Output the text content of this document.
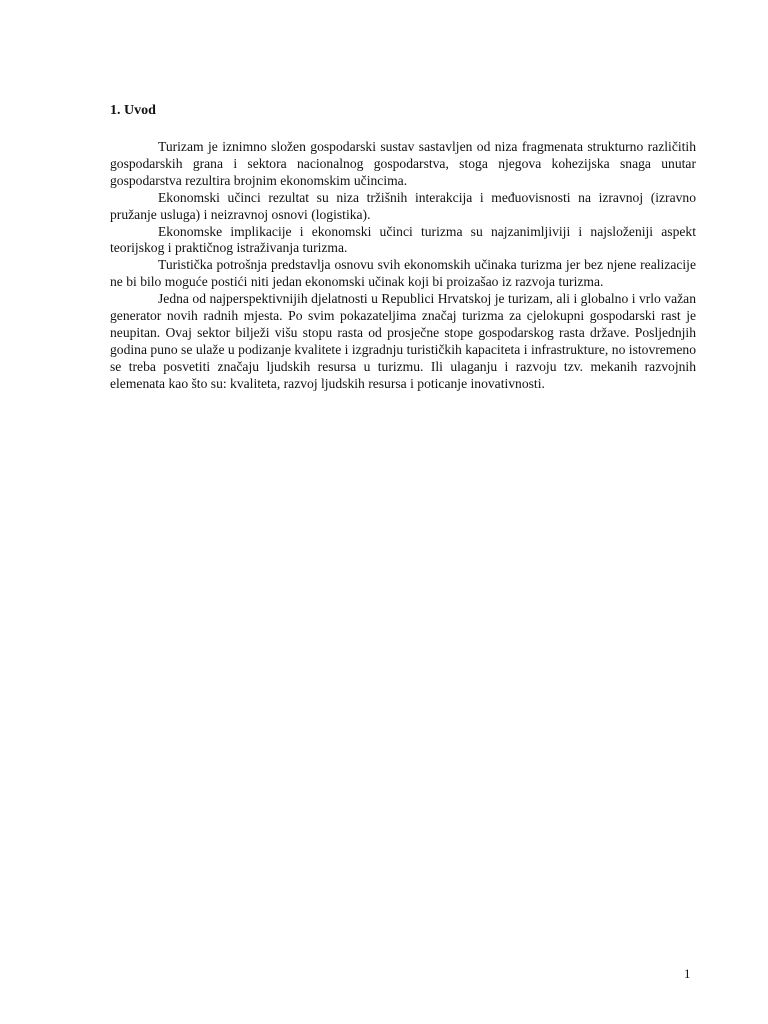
1. Uvod

Turizam je iznimno složen gospodarski sustav sastavljen od niza fragmenata strukturno različitih gospodarskih grana i sektora nacionalnog gospodarstva, stoga njegova kohezijska snaga unutar gospodarstva rezultira brojnim ekonomskim učincima.

Ekonomski učinci rezultat su niza tržišnih interakcija i međuovisnosti na izravnoj (izravno pružanje usluga) i neizravnoj osnovi (logistika).

Ekonomske implikacije i ekonomski učinci turizma su najzanimljiviji i najsloženiji aspekt teorijskog i praktičnog istraživanja turizma.

Turistička potrošnja predstavlja osnovu svih ekonomskih učinaka turizma jer bez njene realizacije ne bi bilo moguće postići niti jedan ekonomski učinak koji bi proizašao iz razvoja turizma.

Jedna od najperspektivnijih djelatnosti u Republici Hrvatskoj je turizam, ali i globalno i vrlo važan generator novih radnih mjesta. Po svim pokazateljima značaj turizma za cjelokupni gospodarski rast je neupitan. Ovaj sektor bilježi višu stopu rasta od prosječne stope gospodarskog rasta države. Posljednjih godina puno se ulaže u podizanje kvalitete i izgradnju turističkih kapaciteta i infrastrukture, no istovremeno se treba posvetiti značaju ljudskih resursa u turizmu. Ili ulaganju i razvoju tzv. mekanih razvojnih elemenata kao što su: kvaliteta, razvoj ljudskih resursa i poticanje inovativnosti.

1
